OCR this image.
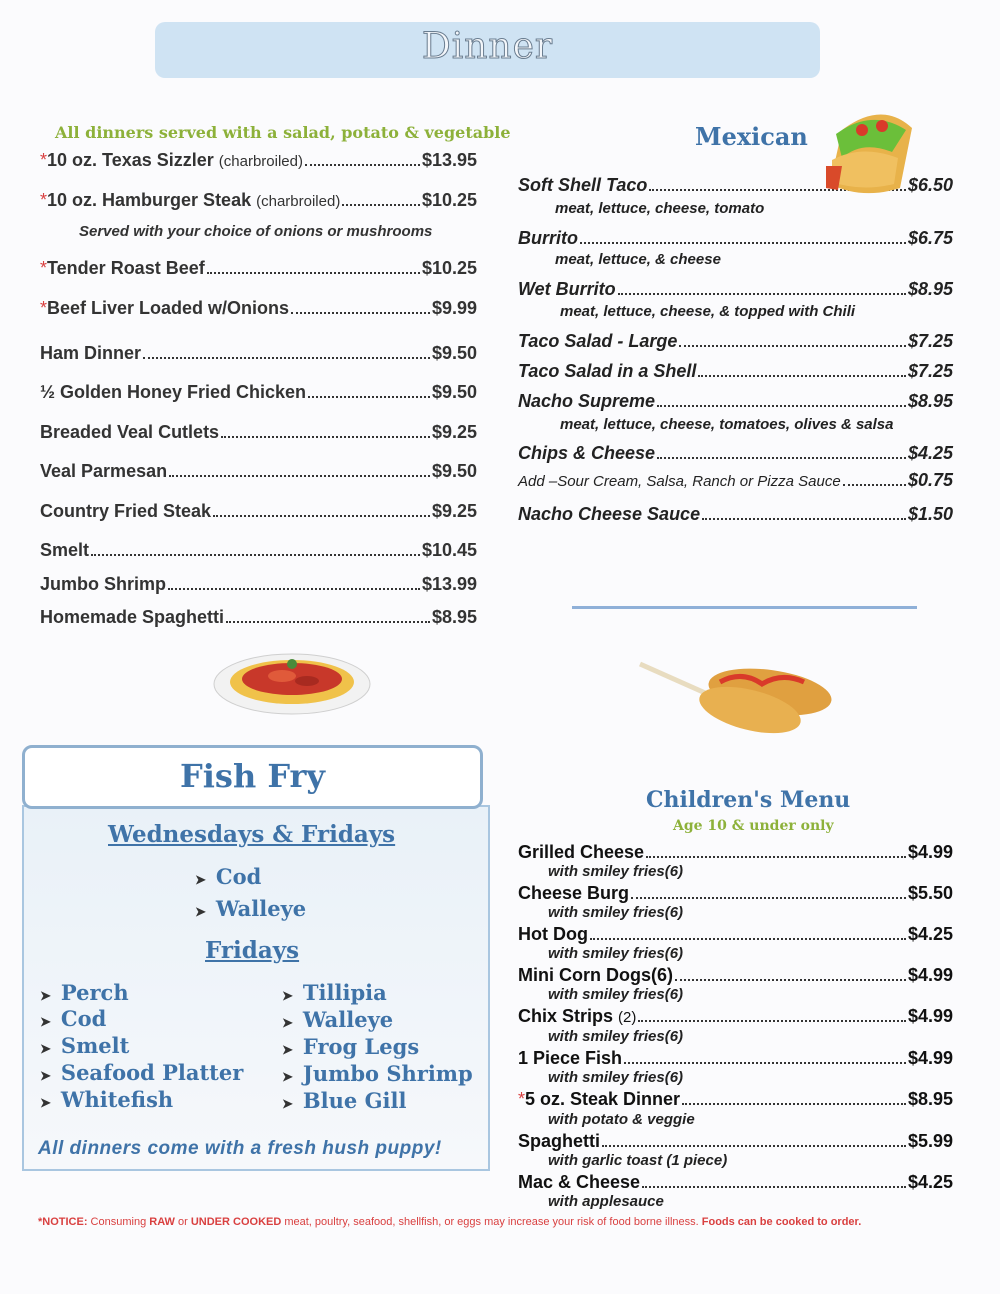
Dinner
All dinners served with a salad, potato & vegetable
*10 oz. Texas Sizzler (charbroiled)	$13.95
*10 oz. Hamburger Steak (charbroiled)	$10.25
Served with your choice of onions or mushrooms
*Tender Roast Beef	$10.25
*Beef Liver Loaded w/Onions	$9.99
Ham Dinner	$9.50
½ Golden Honey Fried Chicken	$9.50
Breaded Veal Cutlets	$9.25
Veal Parmesan	$9.50
Country Fried Steak	$9.25
Smelt	$10.45
Jumbo Shrimp	$13.99
Homemade Spaghetti	$8.95
Mexican
Soft Shell Taco	$6.50
meat, lettuce, cheese, tomato
Burrito	$6.75
meat, lettuce, & cheese
Wet Burrito	$8.95
meat, lettuce, cheese, & topped with Chili
Taco Salad - Large	$7.25
Taco Salad in a Shell	$7.25
Nacho Supreme	$8.95
meat, lettuce, cheese, tomatoes, olives & salsa
Chips & Cheese	$4.25
Add –Sour Cream, Salsa, Ranch or Pizza Sauce	$0.75
Nacho Cheese Sauce	$1.50
Fish Fry
Wednesdays & Fridays
➤ Cod
➤ Walleye
Fridays
➤ Perch
➤ Cod
➤ Smelt
➤ Seafood Platter
➤ Whitefish
➤ Tillipia
➤ Walleye
➤ Frog Legs
➤ Jumbo Shrimp
➤ Blue Gill
All dinners come with a fresh hush puppy!
Children's Menu
Age 10 & under only
Grilled Cheese	$4.99
with smiley fries(6)
Cheese Burg	$5.50
with smiley fries(6)
Hot Dog	$4.25
with smiley fries(6)
Mini Corn Dogs(6)	$4.99
with smiley fries(6)
Chix Strips (2)	$4.99
with smiley fries(6)
1 Piece Fish	$4.99
with smiley fries(6)
*5 oz. Steak Dinner	$8.95
with potato & veggie
Spaghetti	$5.99
with garlic toast (1 piece)
Mac & Cheese	$4.25
with applesauce
*NOTICE: Consuming RAW or UNDER COOKED meat, poultry, seafood, shellfish, or eggs may increase your risk of food borne illness. Foods can be cooked to order.
